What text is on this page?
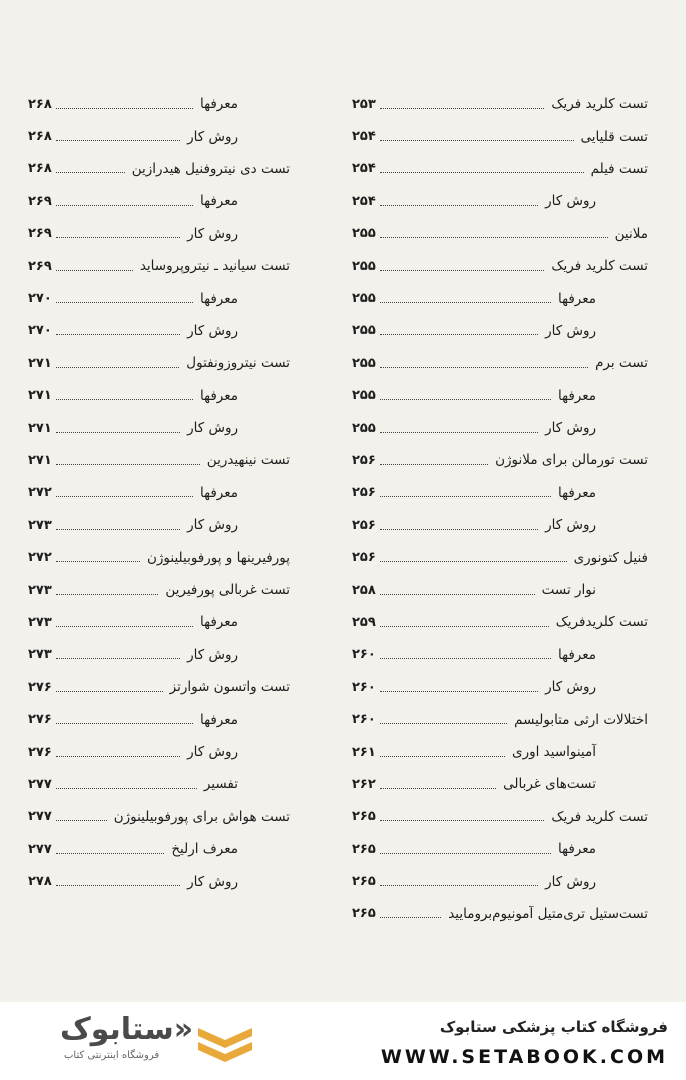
تست کلرید فریک
۲۵۳
تست قلیایی
۲۵۴
تست فیلم
۲۵۴
روش کار
۲۵۴
ملانین
۲۵۵
تست کلرید فریک
۲۵۵
معرفها
۲۵۵
روش کار
۲۵۵
تست برم
۲۵۵
معرفها
۲۵۵
روش کار
۲۵۵
تست تورمالن برای ملانوژن
۲۵۶
معرفها
۲۵۶
روش کار
۲۵۶
فنیل کتونوری
۲۵۶
نوار تست
۲۵۸
تست کلریدفریک
۲۵۹
معرفها
۲۶۰
روش کار
۲۶۰
اختلالات ارثی متابولیسم
۲۶۰
آمینواسید اوری
۲۶۱
تست‌های غربالی
۲۶۲
تست کلرید فریک
۲۶۵
معرفها
۲۶۵
روش کار
۲۶۵
تست‌ستیل تری‌متیل آمونیوم‌برومایید
۲۶۵
معرفها
۲۶۸
روش کار
۲۶۸
تست دی نیتروفنیل هیدرازین
۲۶۸
معرفها
۲۶۹
روش کار
۲۶۹
تست سیانید ـ نیتروپروساید
۲۶۹
معرفها
۲۷۰
روش کار
۲۷۰
تست نیتروزونفتول
۲۷۱
معرفها
۲۷۱
روش کار
۲۷۱
تست نینهیدرین
۲۷۱
معرفها
۲۷۲
روش کار
۲۷۳
پورفیرینها و پورفوبیلینوژن
۲۷۲
تست غربالی پورفیرین
۲۷۳
معرفها
۲۷۳
روش کار
۲۷۳
تست واتسون شوارتز
۲۷۶
معرفها
۲۷۶
روش کار
۲۷۶
تفسیر
۲۷۷
تست هواش برای پورفوبیلینوژن
۲۷۷
معرف ارلیخ
۲۷۷
روش کار
۲۷۸
«ستابوک
فروشگاه اینترنتی کتاب
فروشگاه کتاب پزشکی ستابوک
WWW.SETABOOK.COM
